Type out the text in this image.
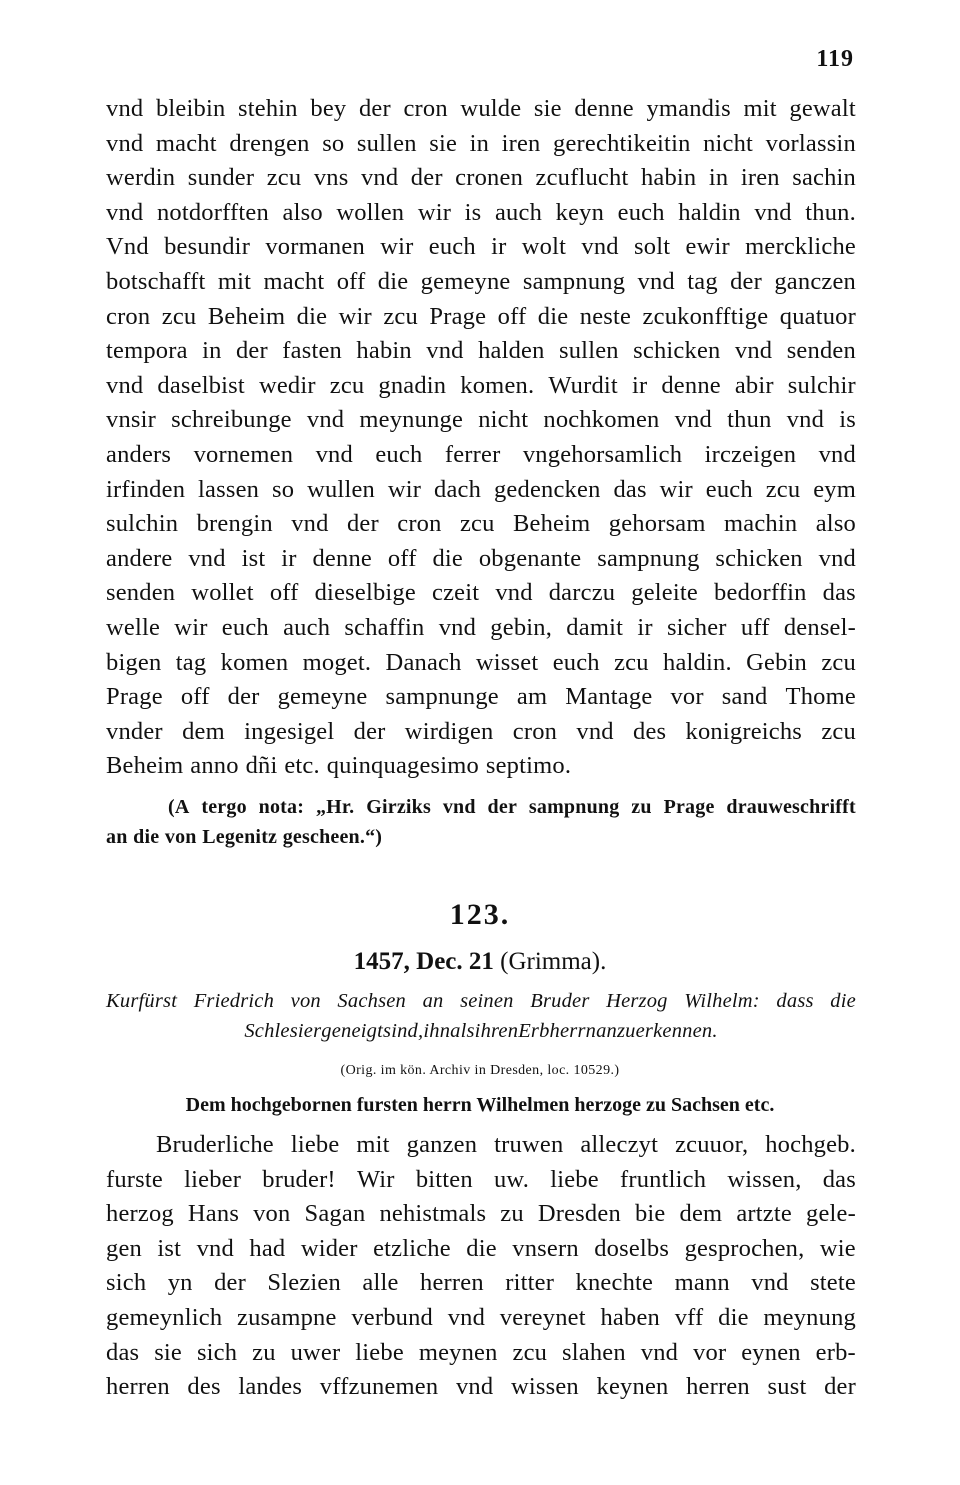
119
vnd bleibin stehin bey der cron wulde sie denne ymandis mit gewalt
vnd macht drengen so sullen sie in iren gerechtikeitin nicht vorlassin
werdin sunder zcu vns vnd der cronen zcuflucht habin in iren sachin
vnd notdorfften also wollen wir is auch keyn euch haldin vnd thun.
Vnd besundir vormanen wir euch ir wolt vnd solt ewir merckliche
botschafft mit macht off die gemeyne sampnung vnd tag der ganczen
cron zcu Beheim die wir zcu Prage off die neste zcukonfftige quatuor
tempora in der fasten habin vnd halden sullen schicken vnd senden
vnd daselbist wedir zcu gnadin komen. Wurdit ir denne abir sulchir
vnsir schreibunge vnd meynunge nicht nochkomen vnd thun vnd is
anders vornemen vnd euch ferrer vngehorsamlich irczeigen vnd
irfinden lassen so wullen wir dach gedencken das wir euch zcu eym
sulchin brengin vnd der cron zcu Beheim gehorsam machin also
andere vnd ist ir denne off die obgenante sampnung schicken vnd
senden wollet off dieselbige czeit vnd darczu geleite bedorffin das
welle wir euch auch schaffin vnd gebin, damit ir sicher uff densel-
bigen tag komen moget. Danach wisset euch zcu haldin. Gebin zcu
Prage off der gemeyne sampnunge am Mantage vor sand Thome
vnder dem ingesigel der wirdigen cron vnd des konigreichs zcu
Beheim anno dñi etc. quinquagesimo septimo.
(A tergo nota: „Hr. Girziks vnd der sampnung zu Prage drauweschrifft
an die von Legenitz gescheen.“)
123.
1457, Dec. 21 (Grimma).
Kurfürst Friedrich von Sachsen an seinen Bruder Herzog Wilhelm: dass die
Schlesier geneigt sind, ihn als ihren Erbherrn anzuerkennen.
(Orig. im kön. Archiv in Dresden, loc. 10529.)
Dem hochgebornen fursten herrn Wilhelmen herzoge zu Sachsen etc.
Bruderliche liebe mit ganzen truwen alleczyt zcuuor, hochgeb.
furste lieber bruder! Wir bitten uw. liebe fruntlich wissen, das
herzog Hans von Sagan nehistmals zu Dresden bie dem artzte gele-
gen ist vnd had wider etzliche die vnsern doselbs gesprochen, wie
sich yn der Slezien alle herren ritter knechte mann vnd stete
gemeynlich zusampne verbund vnd vereynet haben vff die meynung
das sie sich zu uwer liebe meynen zcu slahen vnd vor eynen erb-
herren des landes vffzunemen vnd wissen keynen herren sust der
